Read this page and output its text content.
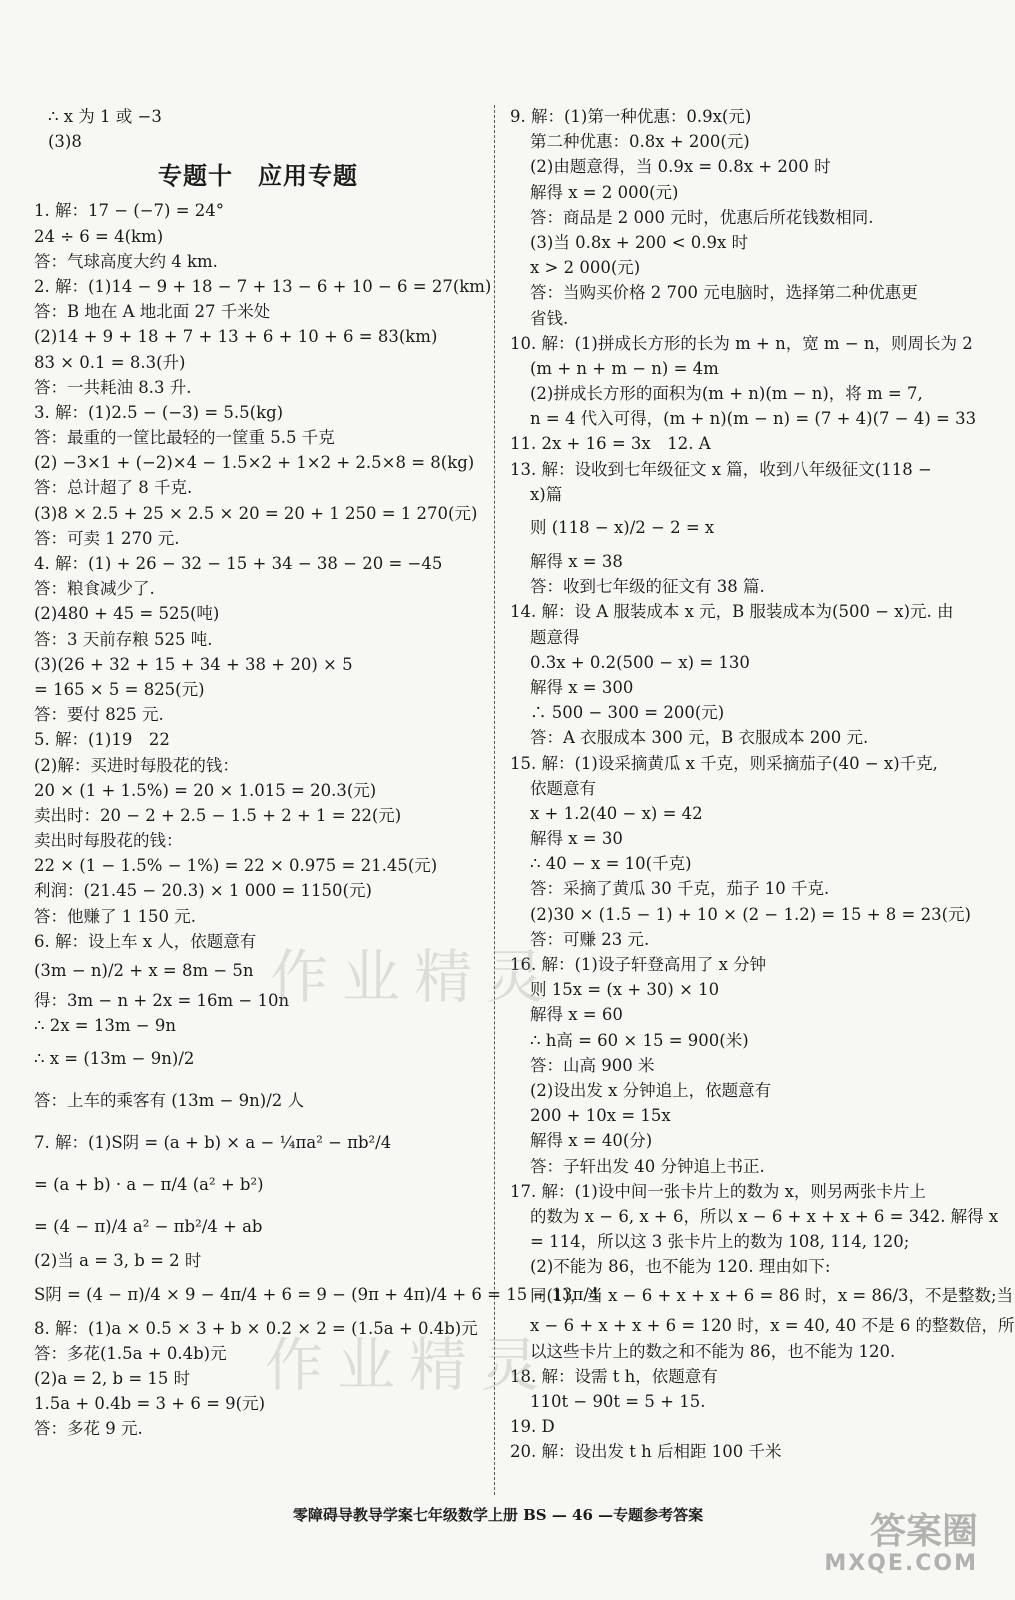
∴ x 为 1 或 −3
(3)8
专题十　应用专题
1. 解：17 − (−7) = 24°
24 ÷ 6 = 4(km)
答：气球高度大约 4 km.
2. 解：(1)14 − 9 + 18 − 7 + 13 − 6 + 10 − 6 = 27(km)
答：B 地在 A 地北面 27 千米处
(2)14 + 9 + 18 + 7 + 13 + 6 + 10 + 6 = 83(km)
83 × 0.1 = 8.3(升)
答：一共耗油 8.3 升.
3. 解：(1)2.5 − (−3) = 5.5(kg)
答：最重的一筐比最轻的一筐重 5.5 千克
(2) −3×1 + (−2)×4 − 1.5×2 + 1×2 + 2.5×8 = 8(kg)
答：总计超了 8 千克.
(3)8 × 2.5 + 25 × 2.5 × 20 = 20 + 1 250 = 1 270(元)
答：可卖 1 270 元.
4. 解：(1) + 26 − 32 − 15 + 34 − 38 − 20 = −45
答：粮食减少了.
(2)480 + 45 = 525(吨)
答：3 天前存粮 525 吨.
(3)(26 + 32 + 15 + 34 + 38 + 20) × 5
= 165 × 5 = 825(元)
答：要付 825 元.
5. 解：(1)19　22
(2)解：买进时每股花的钱：
20 × (1 + 1.5%) = 20 × 1.015 = 20.3(元)
卖出时：20 − 2 + 2.5 − 1.5 + 2 + 1 = 22(元)
卖出时每股花的钱：
22 × (1 − 1.5% − 1%) = 22 × 0.975 = 21.45(元)
利润：(21.45 − 20.3) × 1 000 = 1150(元)
答：他赚了 1 150 元.
6. 解：设上车 x 人，依题意有
(3m − n)/2 + x = 8m − 5n
得：3m − n + 2x = 16m − 10n
∴ 2x = 13m − 9n
∴ x = (13m − 9n)/2
答：上车的乘客有 (13m − 9n)/2 人
7. 解：(1)S阴 = (a + b) × a − ¼πa² − πb²/4
= (a + b) · a − π/4 (a² + b²)
= (4 − π)/4 a² − πb²/4 + ab
(2)当 a = 3, b = 2 时
S阴 = (4 − π)/4 × 9 − 4π/4 + 6 = 9 − (9π + 4π)/4 + 6 = 15 − 13π/4
8. 解：(1)a × 0.5 × 3 + b × 0.2 × 2 = (1.5a + 0.4b)元
答：多花(1.5a + 0.4b)元
(2)a = 2, b = 15 时
1.5a + 0.4b = 3 + 6 = 9(元)
答：多花 9 元.
9. 解：(1)第一种优惠：0.9x(元)
第二种优惠：0.8x + 200(元)
(2)由题意得，当 0.9x = 0.8x + 200 时
解得 x = 2 000(元)
答：商品是 2 000 元时，优惠后所花钱数相同.
(3)当 0.8x + 200 < 0.9x 时
x > 2 000(元)
答：当购买价格 2 700 元电脑时，选择第二种优惠更
省钱.
10. 解：(1)拼成长方形的长为 m + n，宽 m − n，则周长为 2
(m + n + m − n) = 4m
(2)拼成长方形的面积为(m + n)(m − n)，将 m = 7,
n = 4 代入可得，(m + n)(m − n) = (7 + 4)(7 − 4) = 33
11. 2x + 16 = 3x　12. A
13. 解：设收到七年级征文 x 篇，收到八年级征文(118 −
x)篇
则 (118 − x)/2 − 2 = x
解得 x = 38
答：收到七年级的征文有 38 篇.
14. 解：设 A 服装成本 x 元，B 服装成本为(500 − x)元. 由
题意得
0.3x + 0.2(500 − x) = 130
解得 x = 300
∴ 500 − 300 = 200(元)
答：A 衣服成本 300 元，B 衣服成本 200 元.
15. 解：(1)设采摘黄瓜 x 千克，则采摘茄子(40 − x)千克,
依题意有
x + 1.2(40 − x) = 42
解得 x = 30
∴ 40 − x = 10(千克)
答：采摘了黄瓜 30 千克，茄子 10 千克.
(2)30 × (1.5 − 1) + 10 × (2 − 1.2) = 15 + 8 = 23(元)
答：可赚 23 元.
16. 解：(1)设子轩登高用了 x 分钟
则 15x = (x + 30) × 10
解得 x = 60
∴ h高 = 60 × 15 = 900(米)
答：山高 900 米
(2)设出发 x 分钟追上，依题意有
200 + 10x = 15x
解得 x = 40(分)
答：子轩出发 40 分钟追上书正.
17. 解：(1)设中间一张卡片上的数为 x，则另两张卡片上
的数为 x − 6, x + 6，所以 x − 6 + x + x + 6 = 342. 解得 x
= 114，所以这 3 张卡片上的数为 108, 114, 120;
(2)不能为 86，也不能为 120. 理由如下:
同(1)，当 x − 6 + x + x + 6 = 86 时，x = 86/3，不是整数;当
x − 6 + x + x + 6 = 120 时，x = 40, 40 不是 6 的整数倍，所
以这些卡片上的数之和不能为 86，也不能为 120.
18. 解：设需 t h，依题意有
110t − 90t = 5 + 15.
19. D
20. 解：设出发 t h 后相距 100 千米
作业精灵
作业精灵
零障碍导教导学案七年级数学上册 BS — 46 —专题参考答案	答案圈
MXQE.COM
